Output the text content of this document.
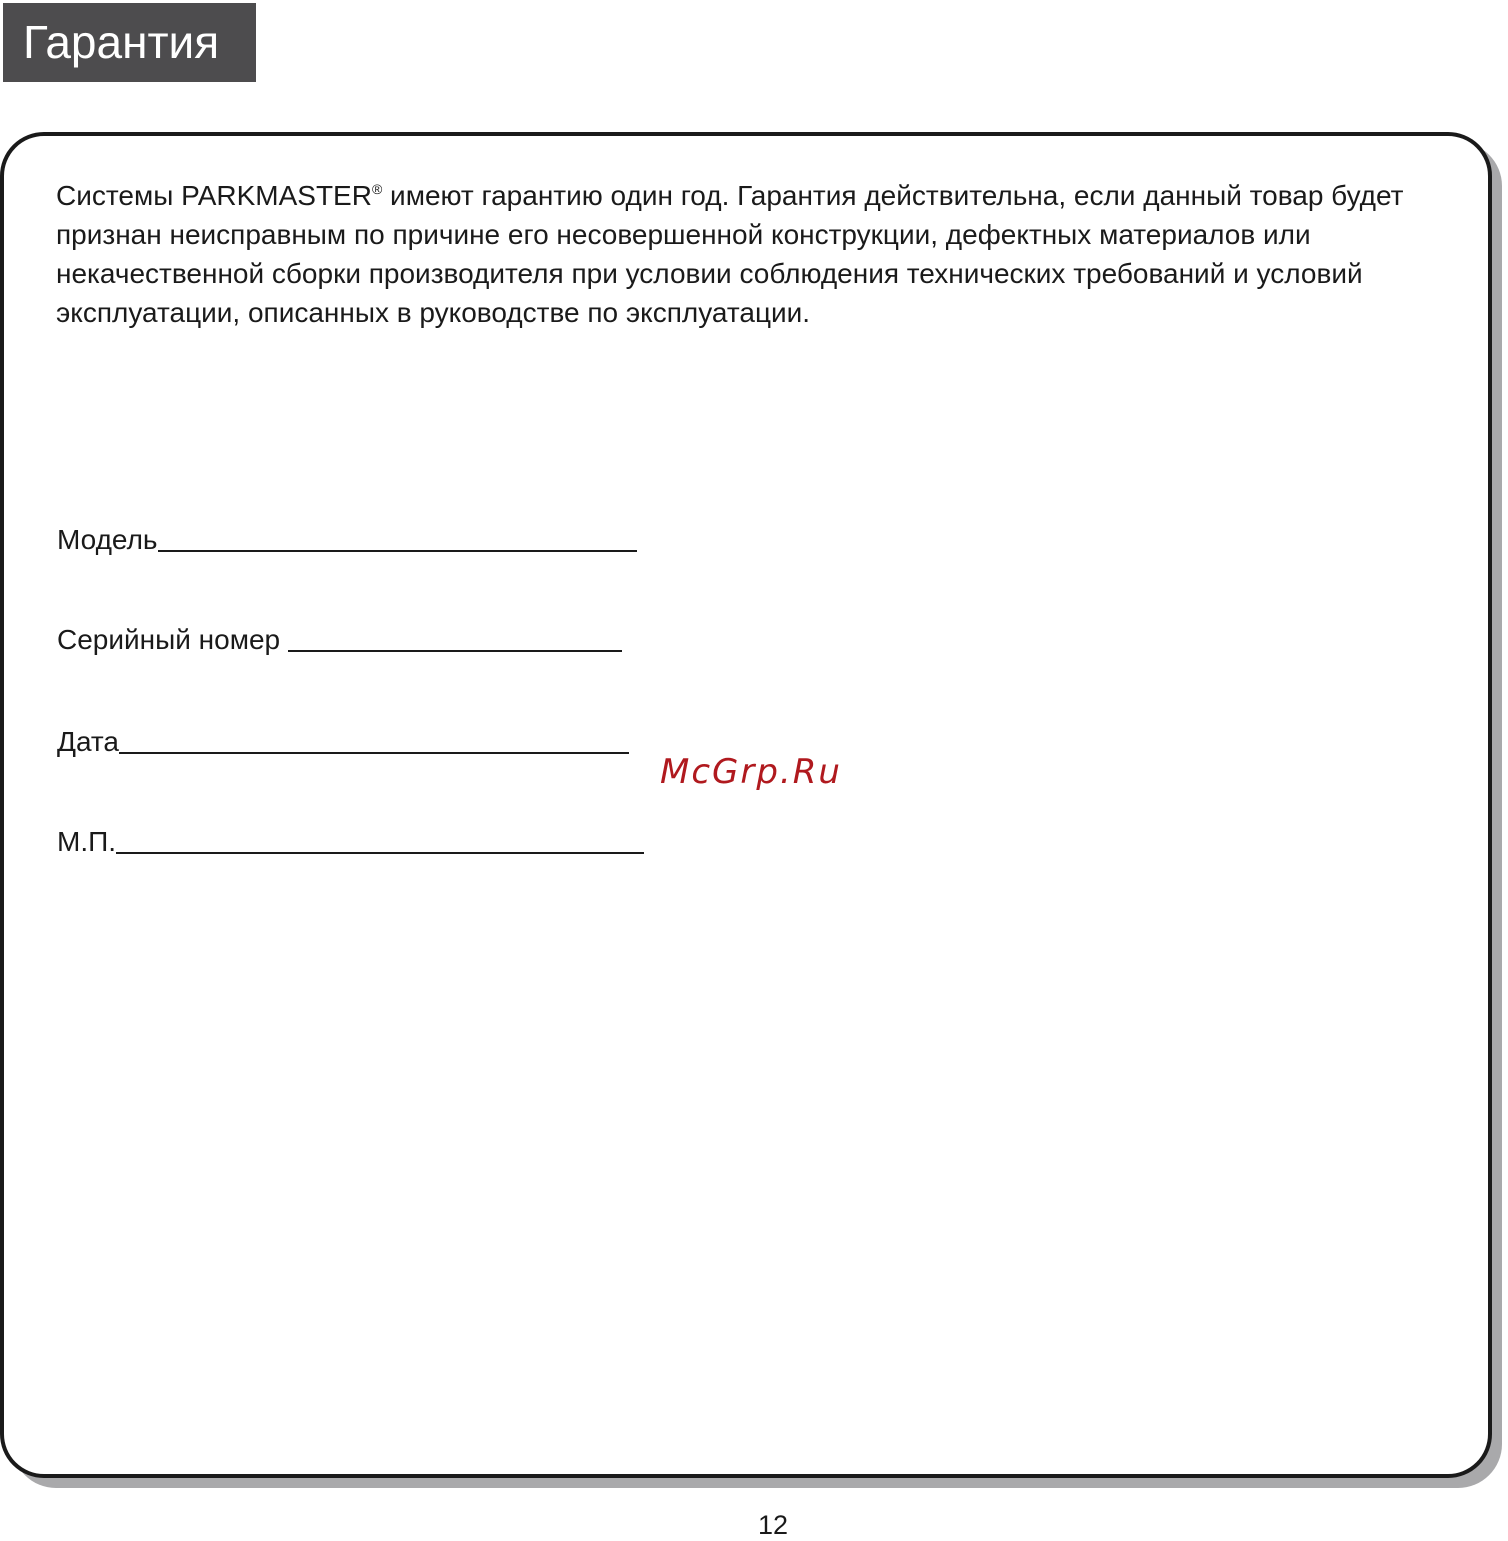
Гарантия
Системы PARKMASTER® имеют гарантию один год. Гарантия действительна, если данный товар будет признан неисправным по причине его несовершенной конструкции, дефектных материалов или некачественной сборки производителя при условии соблюдения технических требований и условий эксплуатации, описанных в руководстве по эксплуатации.
Модель
Серийный номер
Дата
М.П.
McGrp.Ru
12
